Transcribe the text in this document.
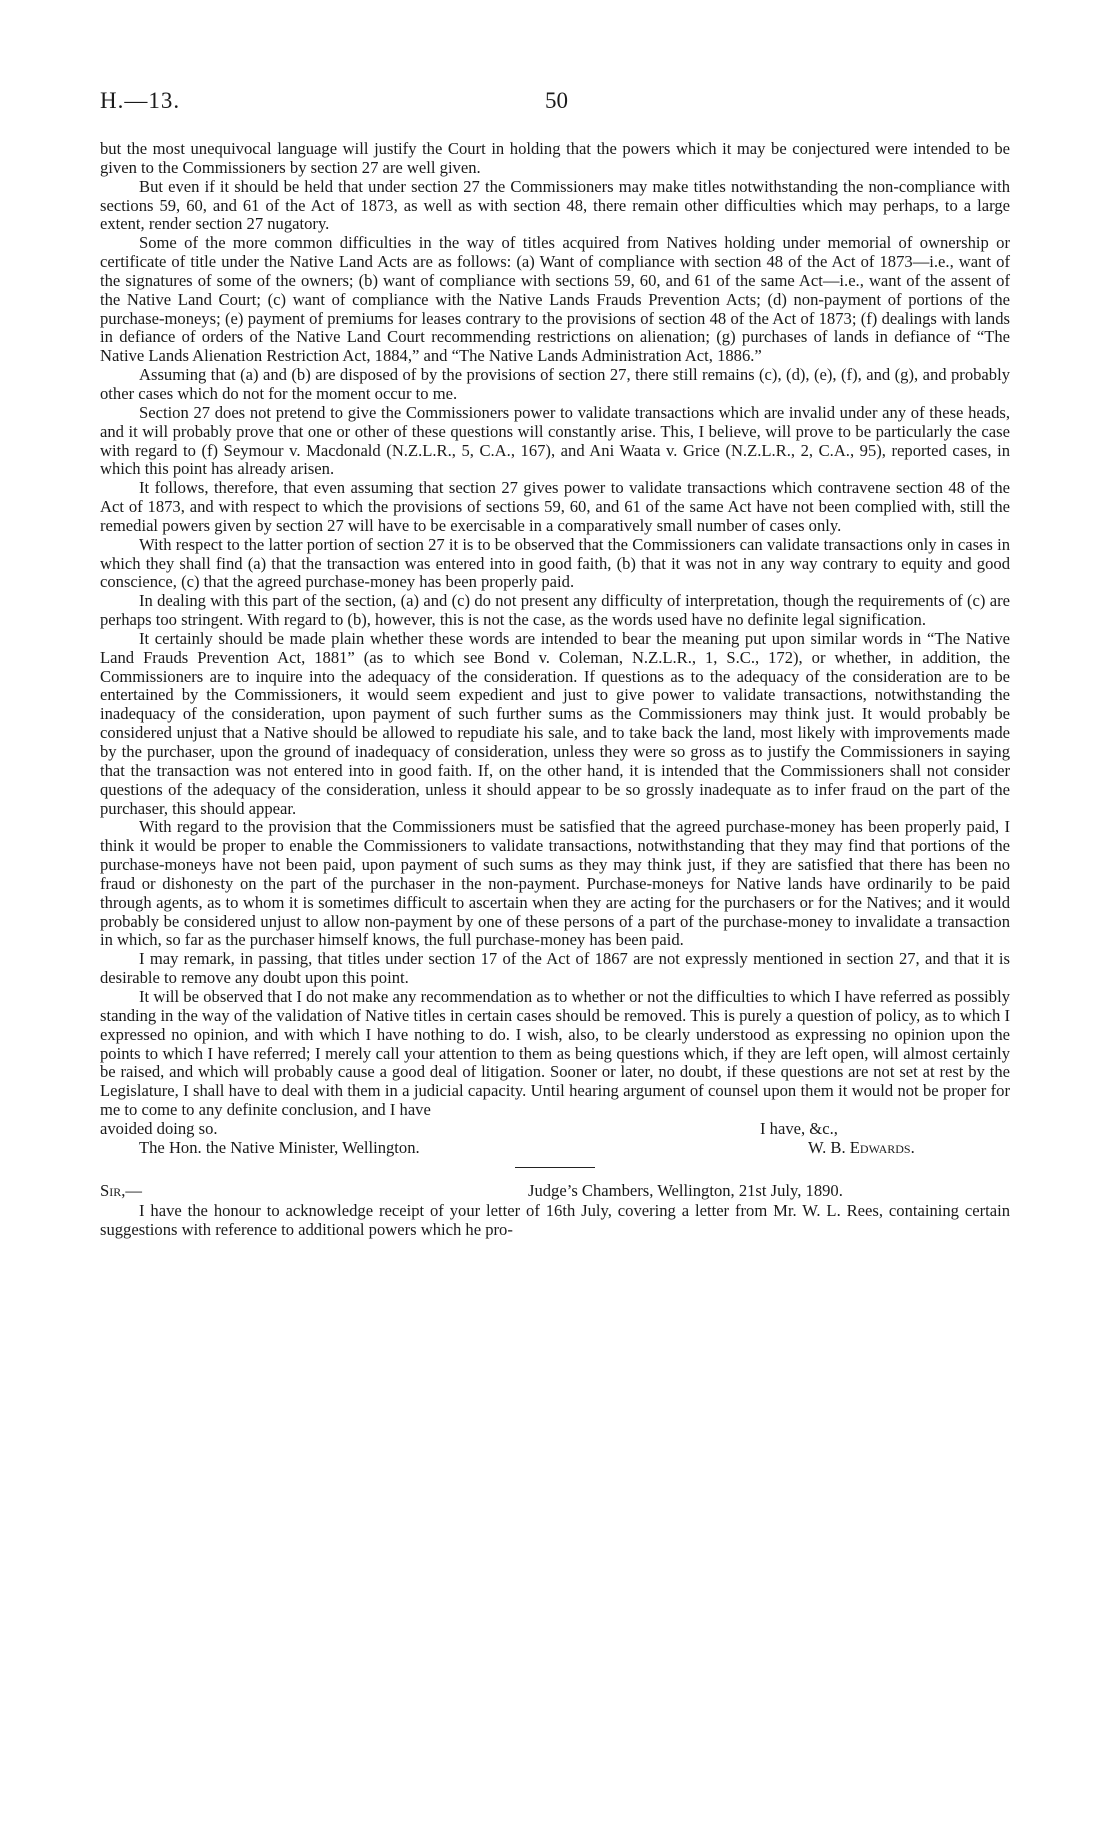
H.—13.	50

but the most unequivocal language will justify the Court in holding that the powers which it may be conjectured were intended to be given to the Commissioners by section 27 are well given.

But even if it should be held that under section 27 the Commissioners may make titles notwithstanding the non-compliance with sections 59, 60, and 61 of the Act of 1873, as well as with section 48, there remain other difficulties which may perhaps, to a large extent, render section 27 nugatory.

Some of the more common difficulties in the way of titles acquired from Natives holding under memorial of ownership or certificate of title under the Native Land Acts are as follows: (a) Want of compliance with section 48 of the Act of 1873—i.e., want of the signatures of some of the owners; (b) want of compliance with sections 59, 60, and 61 of the same Act—i.e., want of the assent of the Native Land Court; (c) want of compliance with the Native Lands Frauds Prevention Acts; (d) non-payment of portions of the purchase-moneys; (e) payment of premiums for leases contrary to the provisions of section 48 of the Act of 1873; (f) dealings with lands in defiance of orders of the Native Land Court recommending restrictions on alienation; (g) purchases of lands in defiance of “The Native Lands Alienation Restriction Act, 1884,” and “The Native Lands Administration Act, 1886.”

Assuming that (a) and (b) are disposed of by the provisions of section 27, there still remains (c), (d), (e), (f), and (g), and probably other cases which do not for the moment occur to me.

Section 27 does not pretend to give the Commissioners power to validate transactions which are invalid under any of these heads, and it will probably prove that one or other of these questions will constantly arise. This, I believe, will prove to be particularly the case with regard to (f) Seymour v. Macdonald (N.Z.L.R., 5, C.A., 167), and Ani Waata v. Grice (N.Z.L.R., 2, C.A., 95), reported cases, in which this point has already arisen.

It follows, therefore, that even assuming that section 27 gives power to validate transactions which contravene section 48 of the Act of 1873, and with respect to which the provisions of sections 59, 60, and 61 of the same Act have not been complied with, still the remedial powers given by section 27 will have to be exercisable in a comparatively small number of cases only.

With respect to the latter portion of section 27 it is to be observed that the Commissioners can validate transactions only in cases in which they shall find (a) that the transaction was entered into in good faith, (b) that it was not in any way contrary to equity and good conscience, (c) that the agreed purchase-money has been properly paid.

In dealing with this part of the section, (a) and (c) do not present any difficulty of interpretation, though the requirements of (c) are perhaps too stringent. With regard to (b), however, this is not the case, as the words used have no definite legal signification.

It certainly should be made plain whether these words are intended to bear the meaning put upon similar words in “The Native Land Frauds Prevention Act, 1881” (as to which see Bond v. Coleman, N.Z.L.R., 1, S.C., 172), or whether, in addition, the Commissioners are to inquire into the adequacy of the consideration. If questions as to the adequacy of the consideration are to be entertained by the Commissioners, it would seem expedient and just to give power to validate transactions, notwithstanding the inadequacy of the consideration, upon payment of such further sums as the Commissioners may think just. It would probably be considered unjust that a Native should be allowed to repudiate his sale, and to take back the land, most likely with improvements made by the purchaser, upon the ground of inadequacy of consideration, unless they were so gross as to justify the Commissioners in saying that the transaction was not entered into in good faith. If, on the other hand, it is intended that the Commissioners shall not consider questions of the adequacy of the consideration, unless it should appear to be so grossly inadequate as to infer fraud on the part of the purchaser, this should appear.

With regard to the provision that the Commissioners must be satisfied that the agreed purchase-money has been properly paid, I think it would be proper to enable the Commissioners to validate transactions, notwithstanding that they may find that portions of the purchase-moneys have not been paid, upon payment of such sums as they may think just, if they are satisfied that there has been no fraud or dishonesty on the part of the purchaser in the non-payment. Purchase-moneys for Native lands have ordinarily to be paid through agents, as to whom it is sometimes difficult to ascertain when they are acting for the purchasers or for the Natives; and it would probably be considered unjust to allow non-payment by one of these persons of a part of the purchase-money to invalidate a transaction in which, so far as the purchaser himself knows, the full purchase-money has been paid.

I may remark, in passing, that titles under section 17 of the Act of 1867 are not expressly mentioned in section 27, and that it is desirable to remove any doubt upon this point.

It will be observed that I do not make any recommendation as to whether or not the difficulties to which I have referred as possibly standing in the way of the validation of Native titles in certain cases should be removed. This is purely a question of policy, as to which I expressed no opinion, and with which I have nothing to do. I wish, also, to be clearly understood as expressing no opinion upon the points to which I have referred; I merely call your attention to them as being questions which, if they are left open, will almost certainly be raised, and which will probably cause a good deal of litigation. Sooner or later, no doubt, if these questions are not set at rest by the Legislature, I shall have to deal with them in a judicial capacity. Until hearing argument of counsel upon them it would not be proper for me to come to any definite conclusion, and I have

avoided doing so.	I have, &c.,
The Hon. the Native Minister, Wellington.	W. B. Edwards.
Sir,—	Judge’s Chambers, Wellington, 21st July, 1890.

I have the honour to acknowledge receipt of your letter of 16th July, covering a letter from Mr. W. L. Rees, containing certain suggestions with reference to additional powers which he pro-
